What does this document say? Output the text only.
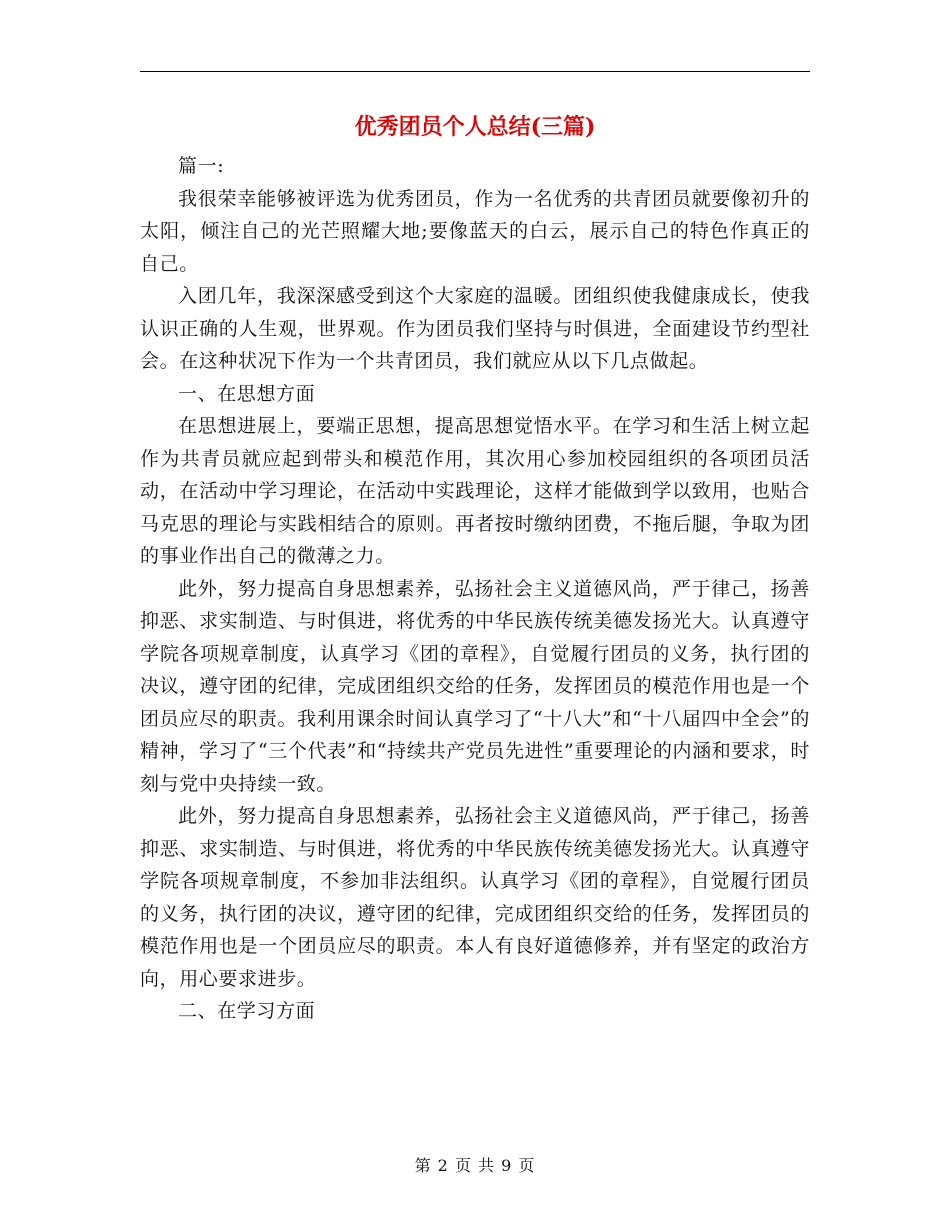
优秀团员个人总结(三篇)

篇一:

我很荣幸能够被评选为优秀团员，作为一名优秀的共青团员就要像初升的太阳，倾注自己的光芒照耀大地;要像蓝天的白云，展示自己的特色作真正的自己。

入团几年，我深深感受到这个大家庭的温暖。团组织使我健康成长，使我认识正确的人生观，世界观。作为团员我们坚持与时俱进，全面建设节约型社会。在这种状况下作为一个共青团员，我们就应从以下几点做起。

一、在思想方面

在思想进展上，要端正思想，提高思想觉悟水平。在学习和生活上树立起作为共青员就应起到带头和模范作用，其次用心参加校园组织的各项团员活动，在活动中学习理论，在活动中实践理论，这样才能做到学以致用，也贴合马克思的理论与实践相结合的原则。再者按时缴纳团费，不拖后腿，争取为团的事业作出自己的微薄之力。

此外，努力提高自身思想素养，弘扬社会主义道德风尚，严于律己，扬善抑恶、求实制造、与时俱进，将优秀的中华民族传统美德发扬光大。认真遵守学院各项规章制度，认真学习《团的章程》，自觉履行团员的义务，执行团的决议，遵守团的纪律，完成团组织交给的任务，发挥团员的模范作用也是一个团员应尽的职责。我利用课余时间认真学习了“十八大”和“十八届四中全会”的精神，学习了“三个代表”和“持续共产党员先进性”重要理论的内涵和要求，时刻与党中央持续一致。

此外，努力提高自身思想素养，弘扬社会主义道德风尚，严于律己，扬善抑恶、求实制造、与时俱进，将优秀的中华民族传统美德发扬光大。认真遵守学院各项规章制度，不参加非法组织。认真学习《团的章程》，自觉履行团员的义务，执行团的决议，遵守团的纪律，完成团组织交给的任务，发挥团员的模范作用也是一个团员应尽的职责。本人有良好道德修养，并有坚定的政治方向，用心要求进步。

二、在学习方面

第 2 页 共 9 页
